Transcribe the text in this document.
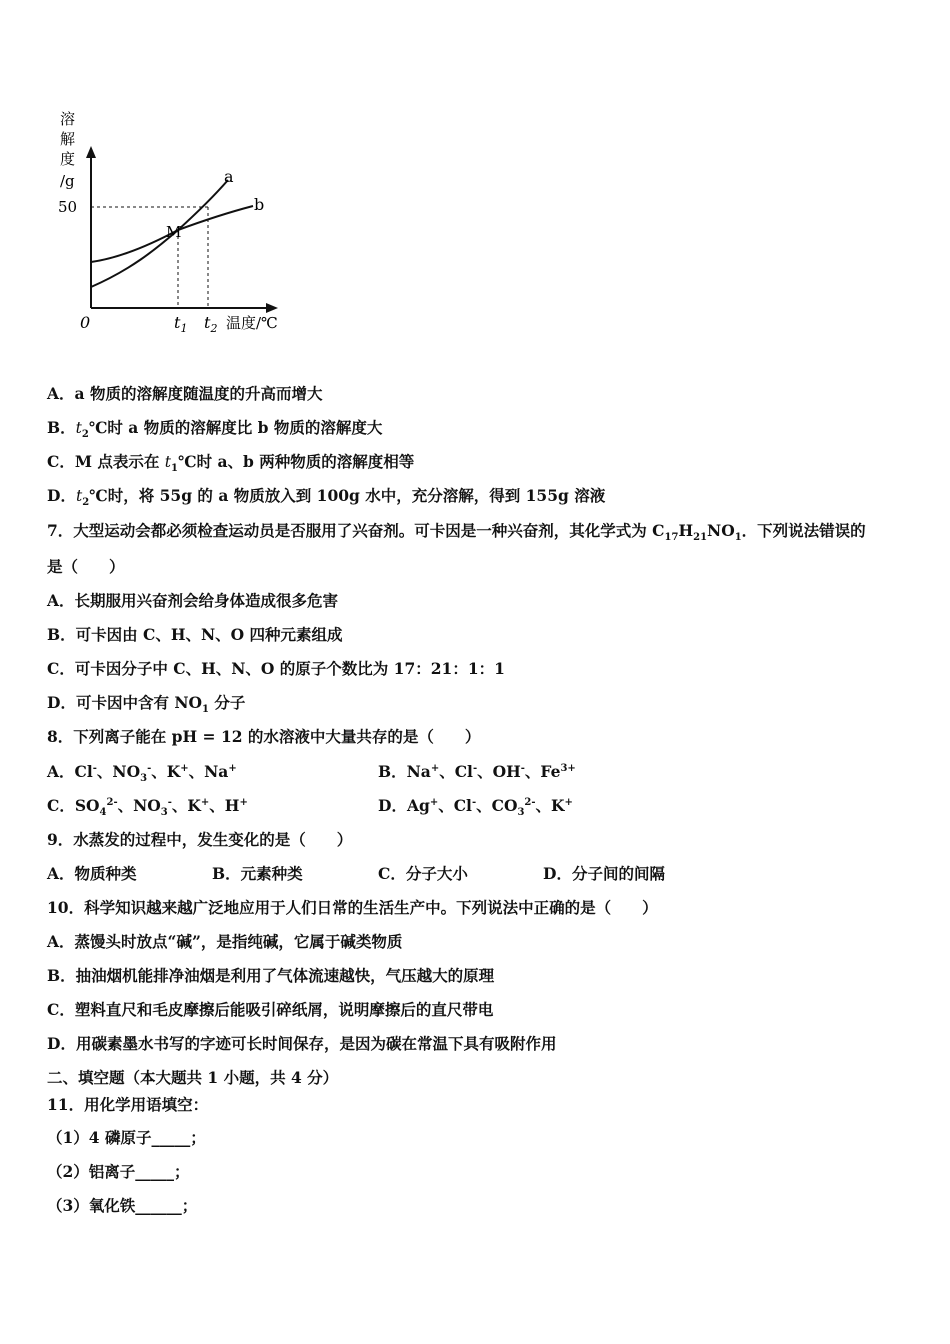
溶
解
度
/g
50
a
b
M
0	$t_1$ $t_2$ 温度/℃
A．a 物质的溶解度随温度的升高而增大
B．$t_2℃$时 a 物质的溶解度比 b 物质的溶解度大
C．M 点表示在 $t_1℃$时 a、b 两种物质的溶解度相等
D．$t_2℃$时，将 55g 的 a 物质放入到 100g 水中，充分溶解，得到 155g 溶液
7．大型运动会都必须检查运动员是否服用了兴奋剂。可卡因是一种兴奋剂，其化学式为 $C_{17}H_{21}NO_1$．下列说法错误的
是（　　）
A．长期服用兴奋剂会给身体造成很多危害
B．可卡因由 C、H、N、O 四种元素组成
C．可卡因分子中 C、H、N、O 的原子个数比为 17：21：1：1
D．可卡因中含有 $NO_1$ 分子
8．下列离子能在 pH = 12 的水溶液中大量共存的是（　　）
A．Cl-、$NO_3^-$、K+、Na+	B．Na+、Cl-、OH-、$Fe^{3+}$
C．$SO_4^{2-}$、$NO_3^-$、K+、H+	D．Ag+、Cl-、$CO_3^{2-}$、K+
9．水蒸发的过程中，发生变化的是（　　）
A．物质种类	B．元素种类	C．分子大小	D．分子间的间隔
10．科学知识越来越广泛地应用于人们日常的生活生产中。下列说法中正确的是（　　）
A．蒸馒头时放点“碱”，是指纯碱，它属于碱类物质
B．抽油烟机能排净油烟是利用了气体流速越快，气压越大的原理
C．塑料直尺和毛皮摩擦后能吸引碎纸屑，说明摩擦后的直尺带电
D．用碳素墨水书写的字迹可长时间保存，是因为碳在常温下具有吸附作用
二、填空题（本大题共 1 小题，共 4 分）
11．用化学用语填空：
（1）4 磷原子_____；
（2）铝离子_____；
（3）氧化铁______；
